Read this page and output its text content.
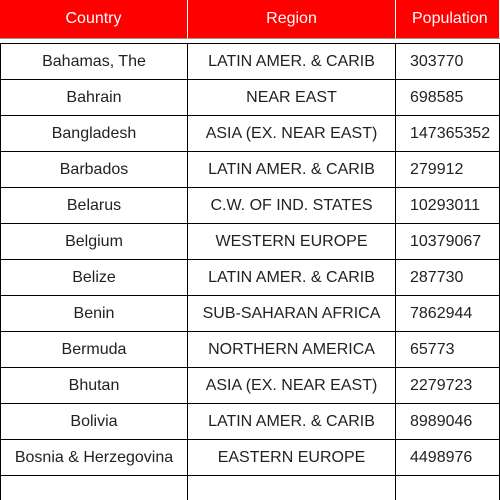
Country	Region	Population
Bahamas, The	LATIN AMER. & CARIB	303770
Bahrain	NEAR EAST	698585
Bangladesh	ASIA (EX. NEAR EAST)	147365352
Barbados	LATIN AMER. & CARIB	279912
Belarus	C.W. OF IND. STATES	10293011
Belgium	WESTERN EUROPE	10379067
Belize	LATIN AMER. & CARIB	287730
Benin	SUB-SAHARAN AFRICA	7862944
Bermuda	NORTHERN AMERICA	65773
Bhutan	ASIA (EX. NEAR EAST)	2279723
Bolivia	LATIN AMER. & CARIB	8989046
Bosnia & Herzegovina	EASTERN EUROPE	4498976
